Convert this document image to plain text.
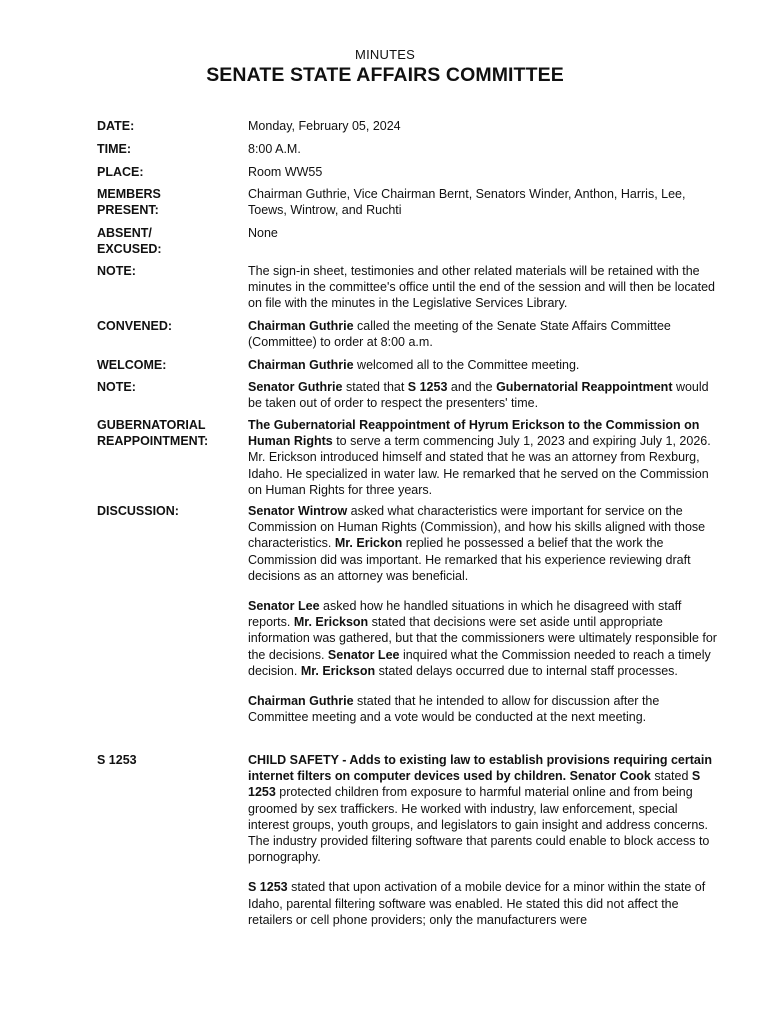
MINUTES
SENATE STATE AFFAIRS COMMITTEE
DATE:	Monday, February 05, 2024
TIME:	8:00 A.M.
PLACE:	Room WW55
MEMBERS
PRESENT:
Chairman Guthrie, Vice Chairman Bernt, Senators Winder, Anthon, Harris, Lee, Toews, Wintrow, and Ruchti
ABSENT/
EXCUSED:
None
NOTE:	The sign-in sheet, testimonies and other related materials will be retained with the minutes in the committee's office until the end of the session and will then be located on file with the minutes in the Legislative Services Library.
CONVENED:	Chairman Guthrie called the meeting of the Senate State Affairs Committee (Committee) to order at 8:00 a.m.
WELCOME:	Chairman Guthrie welcomed all to the Committee meeting.
NOTE:	Senator Guthrie stated that S 1253 and the Gubernatorial Reappointment would be taken out of order to respect the presenters' time.
GUBERNATORIAL
REAPPOINTMENT:
The Gubernatorial Reappointment of Hyrum Erickson to the Commission on Human Rights to serve a term commencing July 1, 2023 and expiring July 1, 2026. Mr. Erickson introduced himself and stated that he was an attorney from Rexburg, Idaho. He specialized in water law. He remarked that he served on the Commission on Human Rights for three years.
DISCUSSION:	Senator Wintrow asked what characteristics were important for service on the Commission on Human Rights (Commission), and how his skills aligned with those characteristics. Mr. Erickon replied he possessed a belief that the work the Commission did was important. He remarked that his experience reviewing draft decisions as an attorney was beneficial.

Senator Lee asked how he handled situations in which he disagreed with staff reports. Mr. Erickson stated that decisions were set aside until appropriate information was gathered, but that the commissioners were ultimately responsible for the decisions. Senator Lee inquired what the Commission needed to reach a timely decision. Mr. Erickson stated delays occurred due to internal staff processes.

Chairman Guthrie stated that he intended to allow for discussion after the Committee meeting and a vote would be conducted at the next meeting.

S 1253	CHILD SAFETY - Adds to existing law to establish provisions requiring certain internet filters on computer devices used by children. Senator Cook stated S 1253 protected children from exposure to harmful material online and from being groomed by sex traffickers. He worked with industry, law enforcement, special interest groups, youth groups, and legislators to gain insight and address concerns. The industry provided filtering software that parents could enable to block access to pornography.

S 1253 stated that upon activation of a mobile device for a minor within the state of Idaho, parental filtering software was enabled. He stated this did not affect the retailers or cell phone providers; only the manufacturers were
